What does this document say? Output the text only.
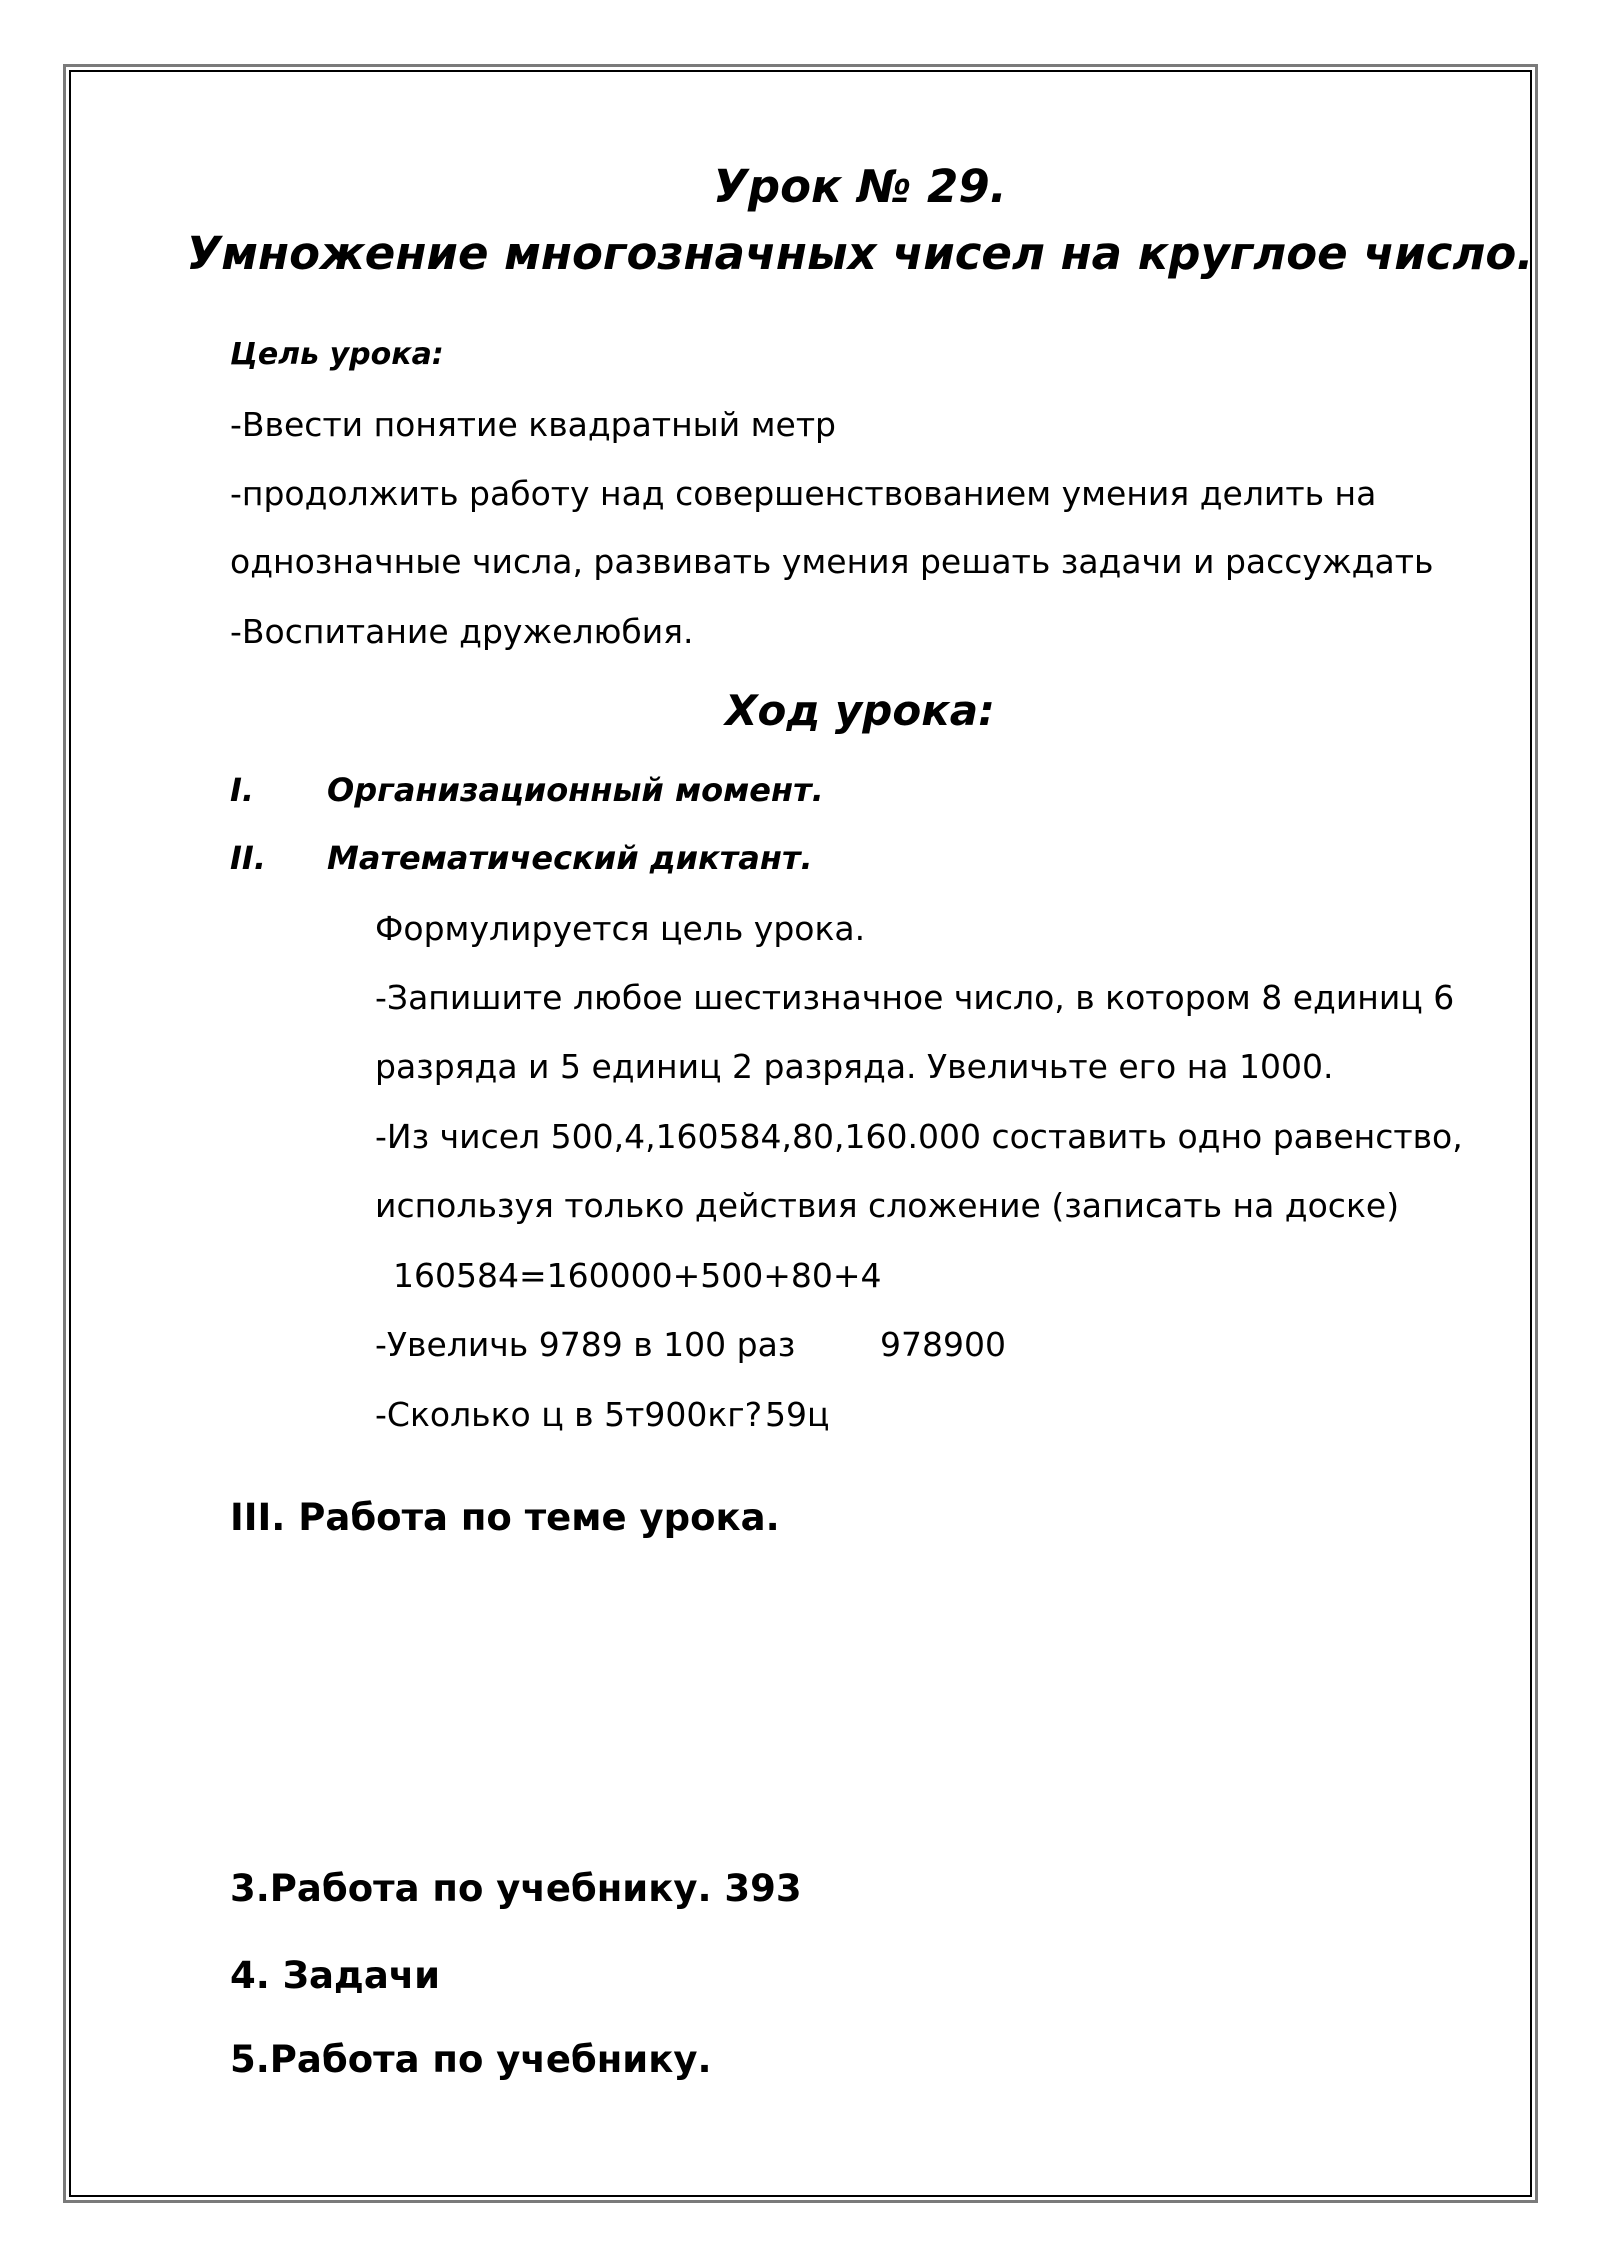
Урок № 29.
Умножение многозначных чисел на круглое число.
Цель урока:
-Ввести понятие квадратный метр
-продолжить работу над совершенствованием умения делить на
однозначные числа, развивать умения решать задачи и рассуждать
-Воспитание дружелюбия.
Ход урока:
I. Организационный момент.
II. Математический диктант.
Формулируется цель урока.
-Запишите любое шестизначное число, в котором 8 единиц 6
разряда и 5 единиц 2 разряда. Увеличьте его на 1000.
-Из чисел 500,4,160584,80,160.000 составить одно равенство,
используя только действия сложение (записать на доске)
160584=160000+500+80+4
-Увеличь 9789 в 100 раз	978900
-Сколько ц в 5т900кг? 59ц
III. Работа по теме урока.
3.Работа по учебнику. 393
4. Задачи
5.Работа по учебнику.
